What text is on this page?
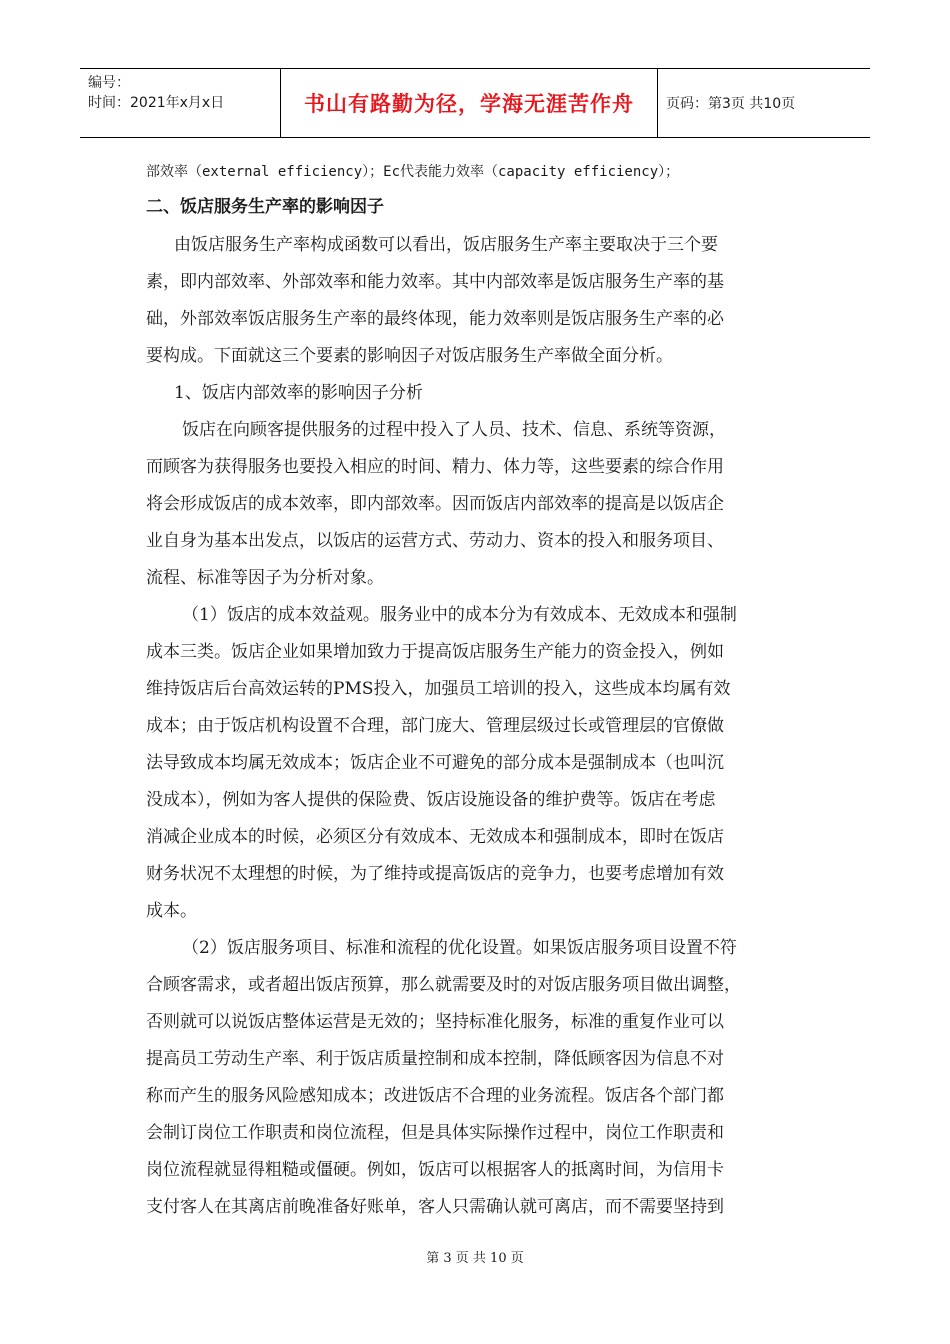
编号：
时间：2021年x月x日	书山有路勤为径，学海无涯苦作舟 页码：第3页 共10页
部效率（external efficiency）；Ec代表能力效率（capacity efficiency）；
二、饭店服务生产率的影响因子
由饭店服务生产率构成函数可以看出，饭店服务生产率主要取决于三个要
素，即内部效率、外部效率和能力效率。其中内部效率是饭店服务生产率的基
础，外部效率饭店服务生产率的最终体现，能力效率则是饭店服务生产率的必
要构成。下面就这三个要素的影响因子对饭店服务生产率做全面分析。
1、饭店内部效率的影响因子分析
饭店在向顾客提供服务的过程中投入了人员、技术、信息、系统等资源，
而顾客为获得服务也要投入相应的时间、精力、体力等，这些要素的综合作用
将会形成饭店的成本效率，即内部效率。因而饭店内部效率的提高是以饭店企
业自身为基本出发点，以饭店的运营方式、劳动力、资本的投入和服务项目、
流程、标准等因子为分析对象。
（1）饭店的成本效益观。服务业中的成本分为有效成本、无效成本和强制
成本三类。饭店企业如果增加致力于提高饭店服务生产能力的资金投入，例如
维持饭店后台高效运转的PMS投入，加强员工培训的投入，这些成本均属有效
成本；由于饭店机构设置不合理，部门庞大、管理层级过长或管理层的官僚做
法导致成本均属无效成本；饭店企业不可避免的部分成本是强制成本（也叫沉
没成本），例如为客人提供的保险费、饭店设施设备的维护费等。饭店在考虑
消减企业成本的时候，必须区分有效成本、无效成本和强制成本，即时在饭店
财务状况不太理想的时候，为了维持或提高饭店的竞争力，也要考虑增加有效
成本。
（2）饭店服务项目、标准和流程的优化设置。如果饭店服务项目设置不符
合顾客需求，或者超出饭店预算，那么就需要及时的对饭店服务项目做出调整，
否则就可以说饭店整体运营是无效的；坚持标准化服务，标准的重复作业可以
提高员工劳动生产率、利于饭店质量控制和成本控制，降低顾客因为信息不对
称而产生的服务风险感知成本；改进饭店不合理的业务流程。饭店各个部门都
会制订岗位工作职责和岗位流程，但是具体实际操作过程中，岗位工作职责和
岗位流程就显得粗糙或僵硬。例如，饭店可以根据客人的抵离时间，为信用卡
支付客人在其离店前晚准备好账单，客人只需确认就可离店，而不需要坚持到
第 3 页 共 10 页
